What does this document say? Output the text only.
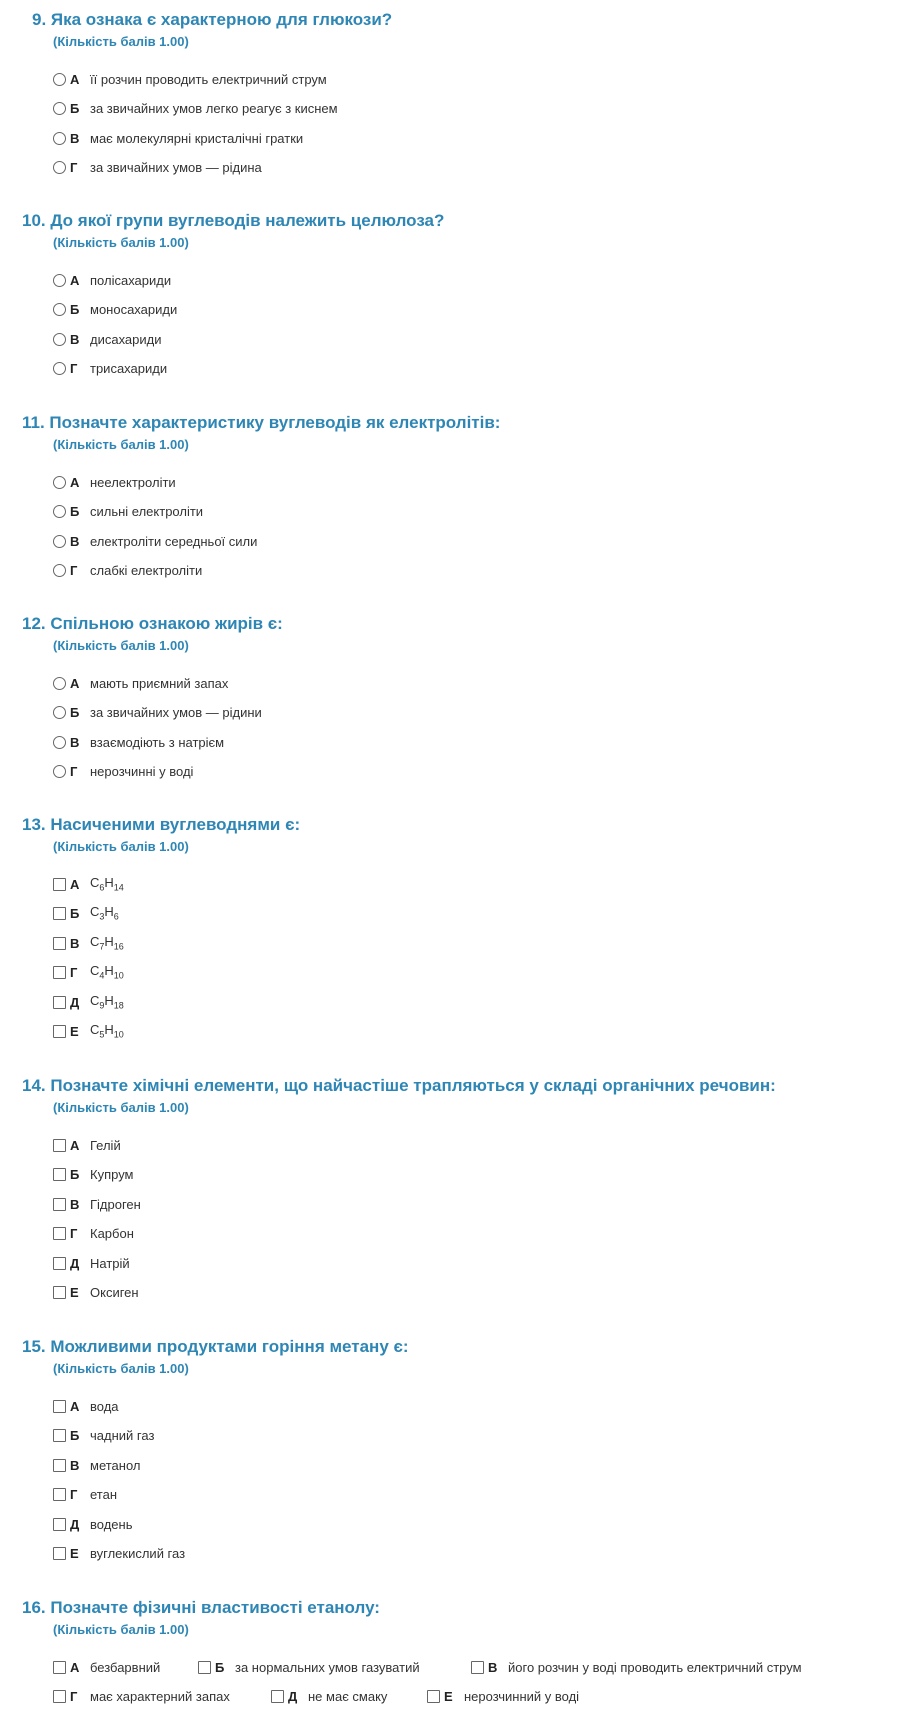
9. Яка ознака є характерною для глюкози?
(Кількість балів 1.00)
А її розчин проводить електричний струм
Б за звичайних умов легко реагує з киснем
В має молекулярні кристалічні гратки
Г за звичайних умов — рідина
10. До якої групи вуглеводів належить целюлоза?
(Кількість балів 1.00)
А полісахариди
Б моносахариди
В дисахариди
Г трисахариди
11. Позначте характеристику вуглеводів як електролітів:
(Кількість балів 1.00)
А неелектроліти
Б сильні електроліти
В електроліти середньої сили
Г слабкі електроліти
12. Спільною ознакою жирів є:
(Кількість балів 1.00)
А мають приємний запах
Б за звичайних умов — рідини
В взаємодіють з натрієм
Г нерозчинні у воді
13. Насиченими вуглеводнями є:
(Кількість балів 1.00)
А $C_6H_{14}$
Б $C_3H_6$
В $C_7H_{16}$
Г $C_4H_{10}$
Д $C_9H_{18}$
Е $C_5H_{10}$
14. Позначте хімічні елементи, що найчастіше трапляються у складі органічних речовин:
(Кількість балів 1.00)
А Гелій
Б Купрум
В Гідроген
Г Карбон
Д Натрій
Е Оксиген
15. Можливими продуктами горіння метану є:
(Кількість балів 1.00)
А вода
Б чадний газ
В метанол
Г етан
Д водень
Е вуглекислий газ
16. Позначте фізичні властивості етанолу:
(Кількість балів 1.00)
А безбарвний	Б за нормальних умов газуватий	В його розчин у воді проводить електричний струм
Г має характерний запах	Д не має смаку	Е нерозчинний у воді
